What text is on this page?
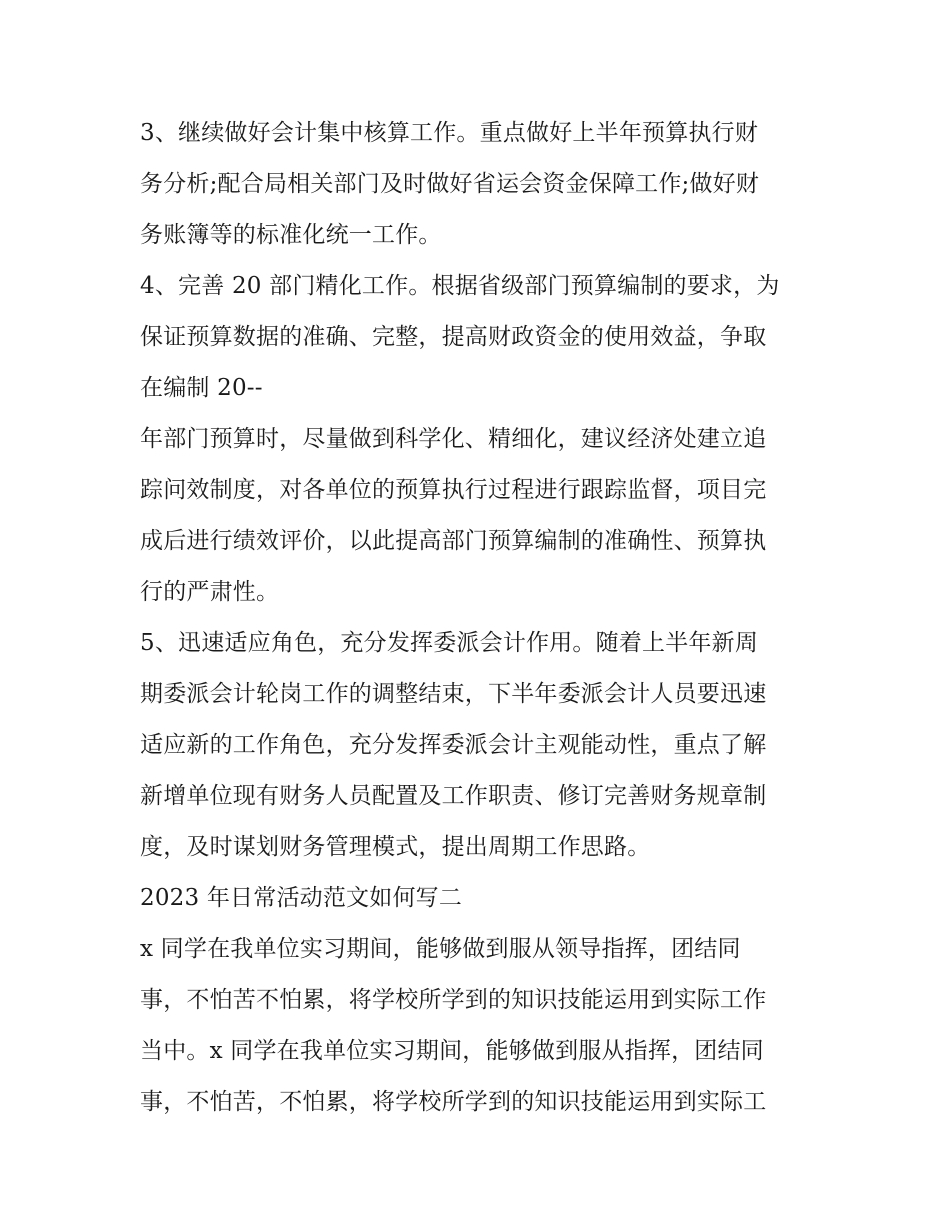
3、继续做好会计集中核算工作。重点做好上半年预算执行财
务分析;配合局相关部门及时做好省运会资金保障工作;做好财
务账簿等的标准化统一工作。
4、完善 20 部门精化工作。根据省级部门预算编制的要求，为
保证预算数据的准确、完整，提高财政资金的使用效益，争取
在编制 20--
年部门预算时，尽量做到科学化、精细化，建议经济处建立追
踪问效制度，对各单位的预算执行过程进行跟踪监督，项目完
成后进行绩效评价，以此提高部门预算编制的准确性、预算执
行的严肃性。
5、迅速适应角色，充分发挥委派会计作用。随着上半年新周
期委派会计轮岗工作的调整结束，下半年委派会计人员要迅速
适应新的工作角色，充分发挥委派会计主观能动性，重点了解
新增单位现有财务人员配置及工作职责、修订完善财务规章制
度，及时谋划财务管理模式，提出周期工作思路。
2023 年日常活动范文如何写二
x 同学在我单位实习期间，能够做到服从领导指挥，团结同
事，不怕苦不怕累，将学校所学到的知识技能运用到实际工作
当中。x 同学在我单位实习期间，能够做到服从指挥，团结同
事，不怕苦，不怕累，将学校所学到的知识技能运用到实际工
